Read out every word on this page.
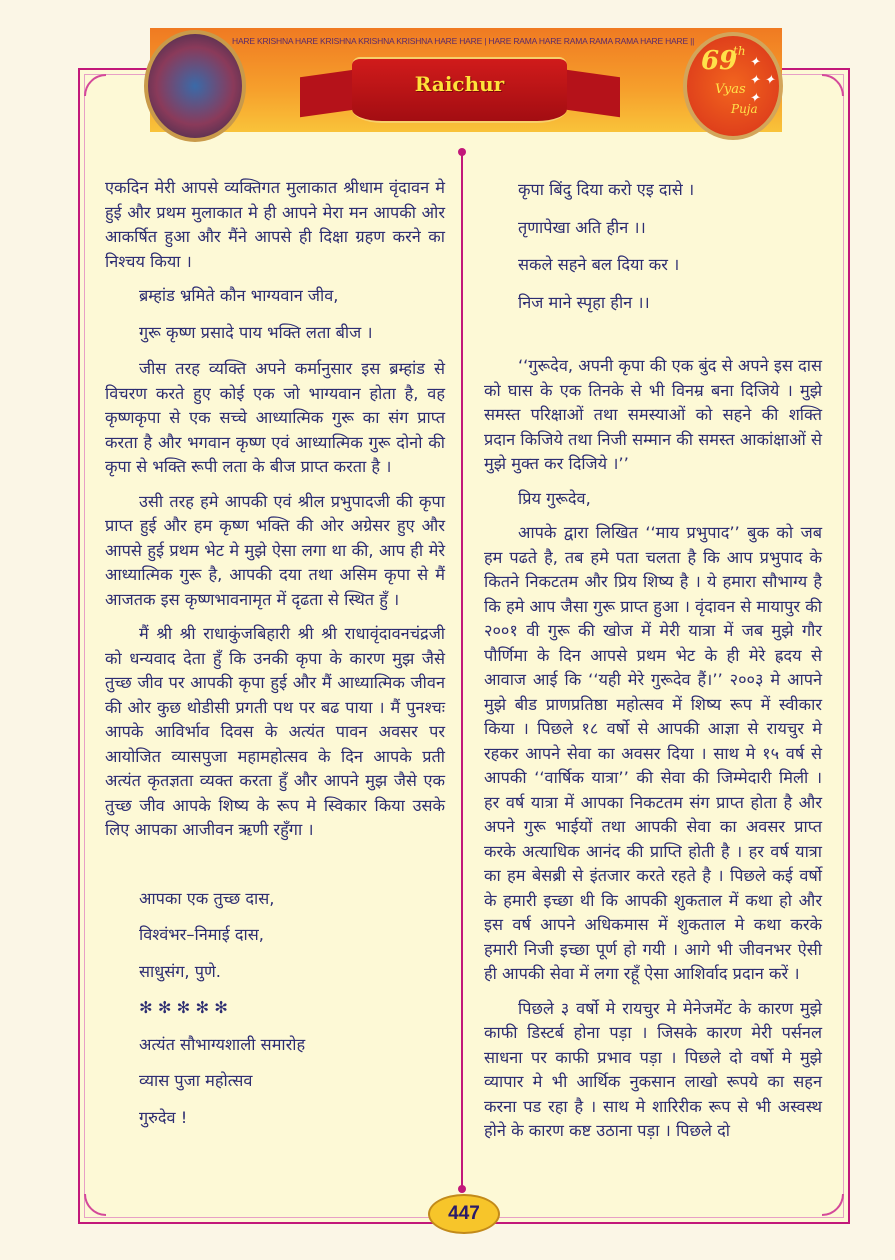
HARE KRISHNA HARE KRISHNA KRISHNA KRISHNA HARE HARE | HARE RAMA HARE RAMA RAMA RAMA HARE HARE ||
Raichur
69
th
Vyas
Puja
✦
✦ ✦
✦

एकदिन मेरी आपसे व्यक्तिगत मुलाकात श्रीधाम वृंदावन मे हुई और प्रथम मुलाकात मे ही आपने मेरा मन आपकी ओर आकर्षित हुआ और मैंने आपसे ही दिक्षा ग्रहण करने का निश्चय किया ।

ब्रम्हांड भ्रमिते कौन भाग्यवान जीव,
गुरू कृष्ण प्रसादे पाय भक्ति लता बीज ।

जीस तरह व्यक्ति अपने कर्मानुसार इस ब्रम्हांड से विचरण करते हुए कोई एक जो भाग्यवान होता है, वह कृष्णकृपा से एक सच्चे आध्यात्मिक गुरू का संग प्राप्त करता है और भगवान कृष्ण एवं आध्यात्मिक गुरू दोनो की कृपा से भक्ति रूपी लता के बीज प्राप्त करता है ।

उसी तरह हमे आपकी एवं श्रील प्रभुपादजी की कृपा प्राप्त हुई और हम कृष्ण भक्ति की ओर अग्रेसर हुए और आपसे हुई प्रथम भेट मे मुझे ऐसा लगा था की, आप ही मेरे आध्यात्मिक गुरू है, आपकी दया तथा असिम कृपा से मैं आजतक इस कृष्णभावनामृत में दृढता से स्थित हुँ ।

मैं श्री श्री राधाकुंजबिहारी श्री श्री राधावृंदावनचंद्रजी को धन्यवाद देता हुँ कि उनकी कृपा के कारण मुझ जैसे तुच्छ जीव पर आपकी कृपा हुई और मैं आध्यात्मिक जीवन की ओर कुछ थोडीसी प्रगती पथ पर बढ पाया । मैं पुनश्चः आपके आविर्भाव दिवस के अत्यंत पावन अवसर पर आयोजित व्यासपुजा महामहोत्सव के दिन आपके प्रती अत्यंत कृतज्ञता व्यक्त करता हुँ और आपने मुझ जैसे एक तुच्छ जीव आपके शिष्य के रूप मे स्विकार किया उसके लिए आपका आजीवन ऋणी रहुँगा ।

आपका एक तुच्छ दास,
विश्वंभर–निमाई दास,
साधुसंग, पुणे.
✻ ✻ ✻ ✻ ✻
अत्यंत सौभाग्यशाली समारोह
व्यास पुजा महोत्सव
गुरुदेव !
कृपा बिंदु दिया करो एइ दासे ।
तृणापेखा अति हीन ।।
सकले सहने बल दिया कर ।
निज माने स्पृहा हीन ।।

‘‘गुरूदेव, अपनी कृपा की एक बुंद से अपने इस दास को घास के एक तिनके से भी विनम्र बना दिजिये । मुझे समस्त परिक्षाओं तथा समस्याओं को सहने की शक्ति प्रदान किजिये तथा निजी सम्मान की समस्त आकांक्षाओं से मुझे मुक्त कर दिजिये ।’’

प्रिय गुरूदेव,

आपके द्वारा लिखित ‘‘माय प्रभुपाद’’ बुक को जब हम पढते है, तब हमे पता चलता है कि आप प्रभुपाद के कितने निकटतम और प्रिय शिष्य है । ये हमारा सौभाग्य है कि हमे आप जैसा गुरू प्राप्त हुआ । वृंदावन से मायापुर की २००१ वी गुरू की खोज में मेरी यात्रा में जब मुझे गौर पौर्णिमा के दिन आपसे प्रथम भेट के ही मेरे ह्रदय से आवाज आई कि ‘‘यही मेरे गुरूदेव हैं।’’ २००३ मे आपने मुझे बीड प्राणप्रतिष्ठा महोत्सव में शिष्य रूप में स्वीकार किया । पिछले १८ वर्षो से आपकी आज्ञा से रायचुर मे रहकर आपने सेवा का अवसर दिया । साथ मे १५ वर्ष से आपकी ‘‘वार्षिक यात्रा’’ की सेवा की जिम्मेदारी मिली । हर वर्ष यात्रा में आपका निकटतम संग प्राप्त होता है और अपने गुरू भाईयों तथा आपकी सेवा का अवसर प्राप्त करके अत्याधिक आनंद की प्राप्ति होती है । हर वर्ष यात्रा का हम बेसब्री से इंतजार करते रहते है । पिछले कई वर्षो के हमारी इच्छा थी कि आपकी शुकताल में कथा हो और इस वर्ष आपने अधिकमास में शुकताल मे कथा करके हमारी निजी इच्छा पूर्ण हो गयी । आगे भी जीवनभर ऐसी ही आपकी सेवा में लगा रहूँ ऐसा आशिर्वाद प्रदान करें ।

पिछले ३ वर्षो मे रायचुर मे मेनेजमेंट के कारण मुझे काफी डिस्टर्ब होना पड़ा । जिसके कारण मेरी पर्सनल साधना पर काफी प्रभाव पड़ा । पिछले दो वर्षो मे मुझे व्यापार मे भी आर्थिक नुकसान लाखो रूपये का सहन करना पड रहा है । साथ मे शारिरीक रूप से भी अस्वस्थ होने के कारण कष्ट उठाना पड़ा । पिछले दो

447
